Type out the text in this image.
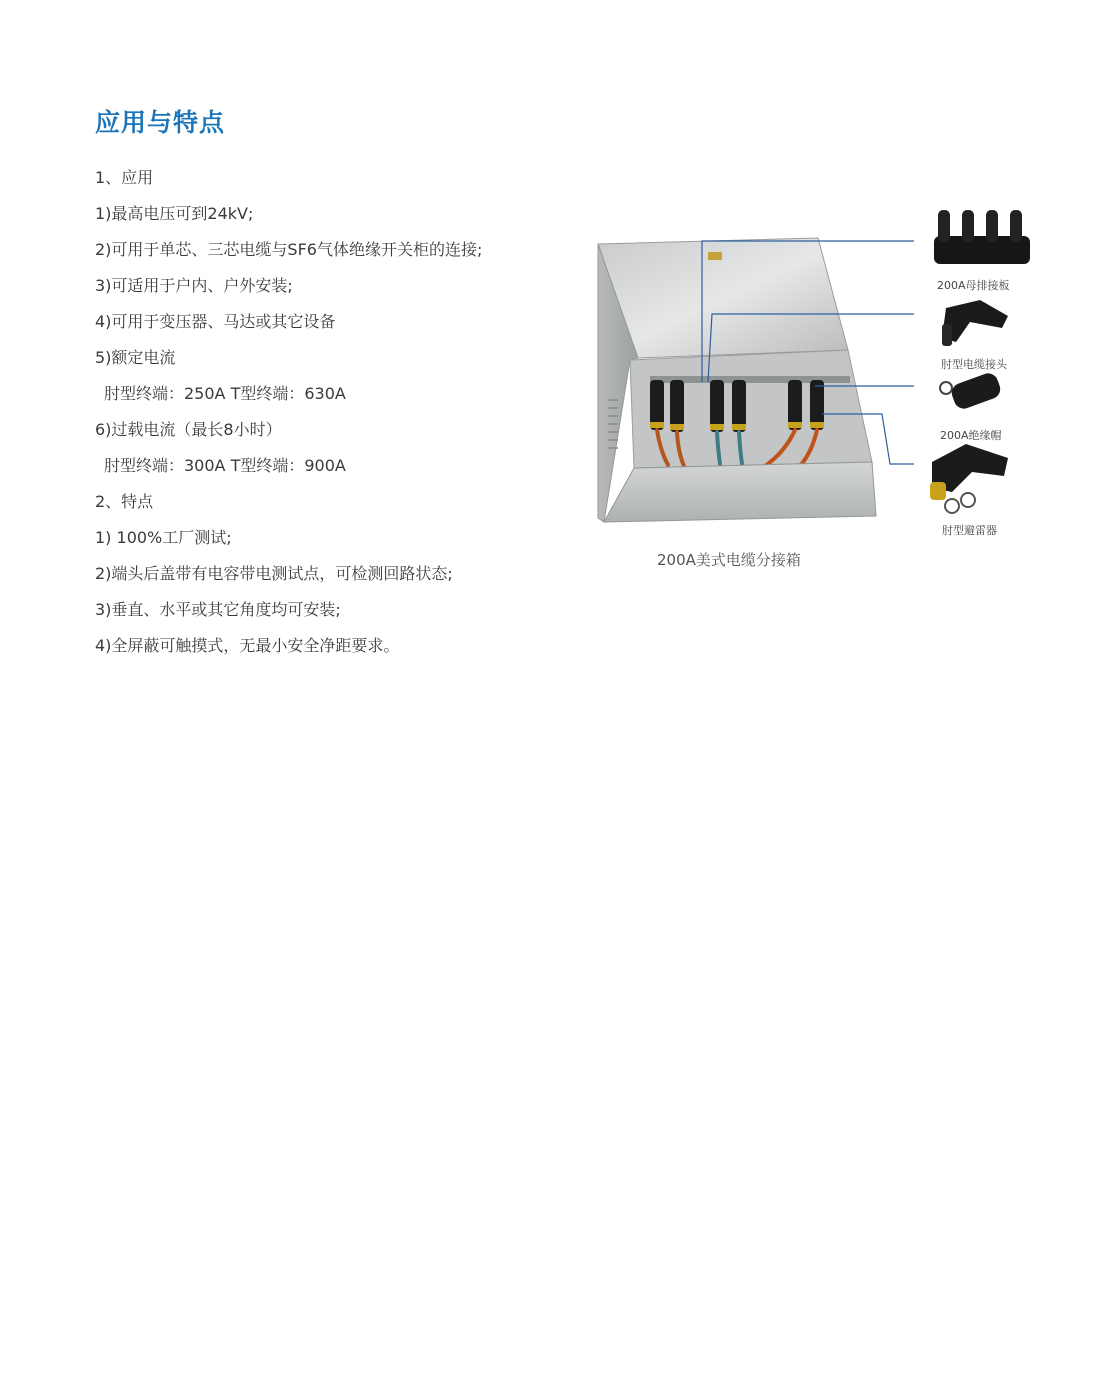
应用与特点
1、应用
1)最高电压可到24kV;
2)可用于单芯、三芯电缆与SF6气体绝缘开关柜的连接;
3)可适用于户内、户外安装;
4)可用于变压器、马达或其它设备
5)额定电流
肘型终端：250A T型终端：630A
6)过载电流（最长8小时）
肘型终端：300A T型终端：900A
2、特点
1) 100%工厂测试;
2)端头后盖带有电容带电测试点，可检测回路状态;
3)垂直、水平或其它角度均可安装;
4)全屏蔽可触摸式，无最小安全净距要求。
200A母排接板
肘型电缆接头
200A绝缘帽
肘型避雷器
200A美式电缆分接箱
